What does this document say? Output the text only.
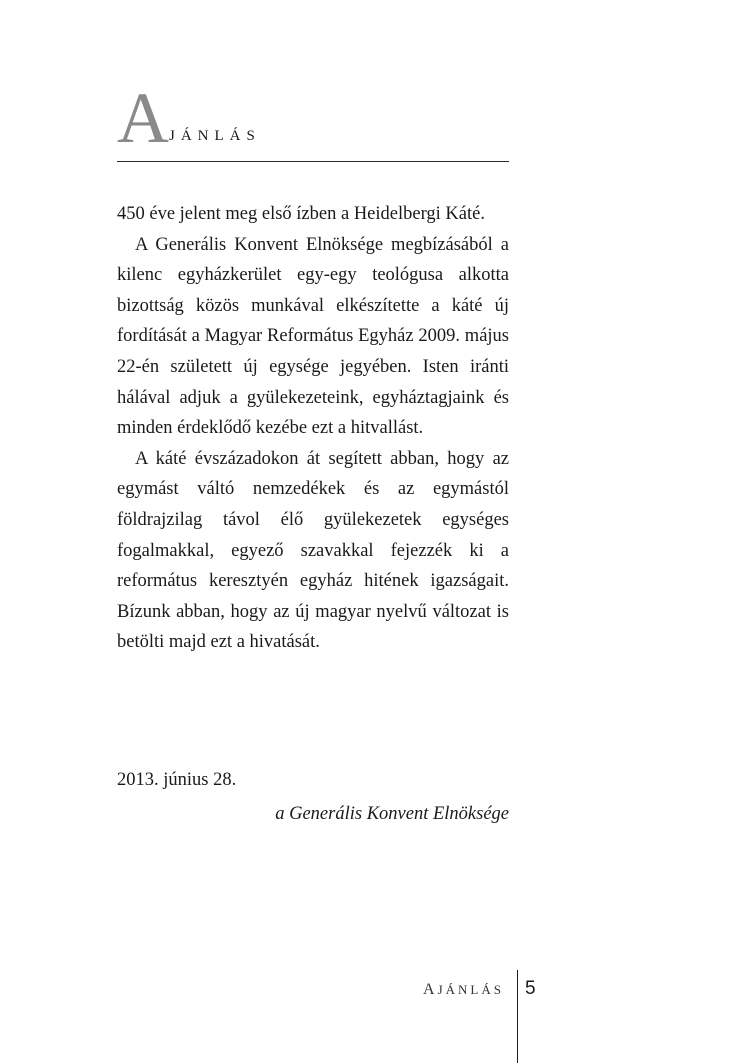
A JÁNLÁS

450 éve jelent meg első ízben a Heidelbergi Káté.

A Generális Konvent Elnöksége megbízásából a kilenc egyházkerület egy-egy teológusa alkotta bizottság közös munkával elkészítette a káté új fordítását a Magyar Református Egyház 2009. május 22-én született új egysége jegyében. Isten iránti hálával adjuk a gyülekezeteink, egyháztagjaink és minden érdeklődő kezébe ezt a hitvallást.

A káté évszázadokon át segített abban, hogy az egymást váltó nemzedékek és az egymástól földrajzilag távol élő gyülekezetek egységes fogalmakkal, egyező szavakkal fejezzék ki a református keresztyén egyház hitének igazságait. Bízunk abban, hogy az új magyar nyelvű változat is betölti majd ezt a hivatását.

2013. június 28.
a Generális Konvent Elnöksége
AJÁNLÁS 5
